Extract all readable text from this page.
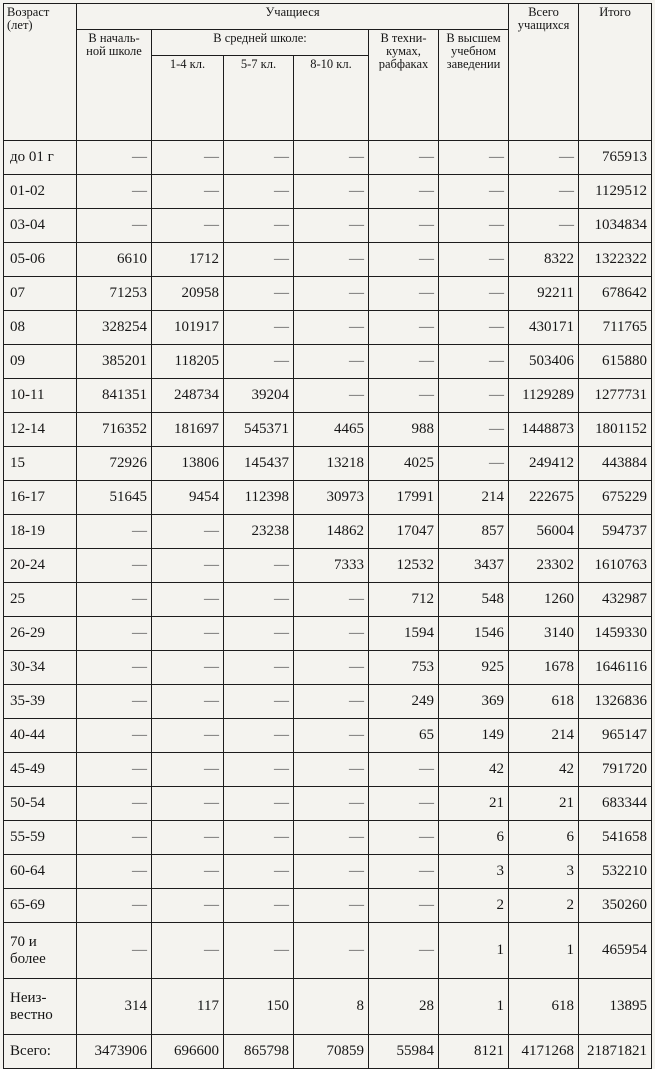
Возраст (лет)	Учащиеся						Всего учащихся	Итого
	В началь-ной школе	В средней школе:			В техни-кумах, рабфаках	В высшем учебном заведении		
		1-4 кл.	5-7 кл.	8-10 кл.				
до 01 г	—	—	—	—	—	—	—	765913
01-02	—	—	—	—	—	—	—	1129512
03-04	—	—	—	—	—	—	—	1034834
05-06	6610	1712	—	—	—	—	8322	1322322
07	71253	20958	—	—	—	—	92211	678642
08	328254	101917	—	—	—	—	430171	711765
09	385201	118205	—	—	—	—	503406	615880
10-11	841351	248734	39204	—	—	—	1129289	1277731
12-14	716352	181697	545371	4465	988	—	1448873	1801152
15	72926	13806	145437	13218	4025	—	249412	443884
16-17	51645	9454	112398	30973	17991	214	222675	675229
18-19	—	—	23238	14862	17047	857	56004	594737
20-24	—	—	—	7333	12532	3437	23302	1610763
25	—	—	—	—	712	548	1260	432987
26-29	—	—	—	—	1594	1546	3140	1459330
30-34	—	—	—	—	753	925	1678	1646116
35-39	—	—	—	—	249	369	618	1326836
40-44	—	—	—	—	65	149	214	965147
45-49	—	—	—	—	—	42	42	791720
50-54	—	—	—	—	—	21	21	683344
55-59	—	—	—	—	—	6	6	541658
60-64	—	—	—	—	—	3	3	532210
65-69	—	—	—	—	—	2	2	350260
70 и более	—	—	—	—	—	1	1	465954
Неиз-вестно	314	117	150	8	28	1	618	13895
Всего:	3473906	696600	865798	70859	55984	8121	4171268	21871821
